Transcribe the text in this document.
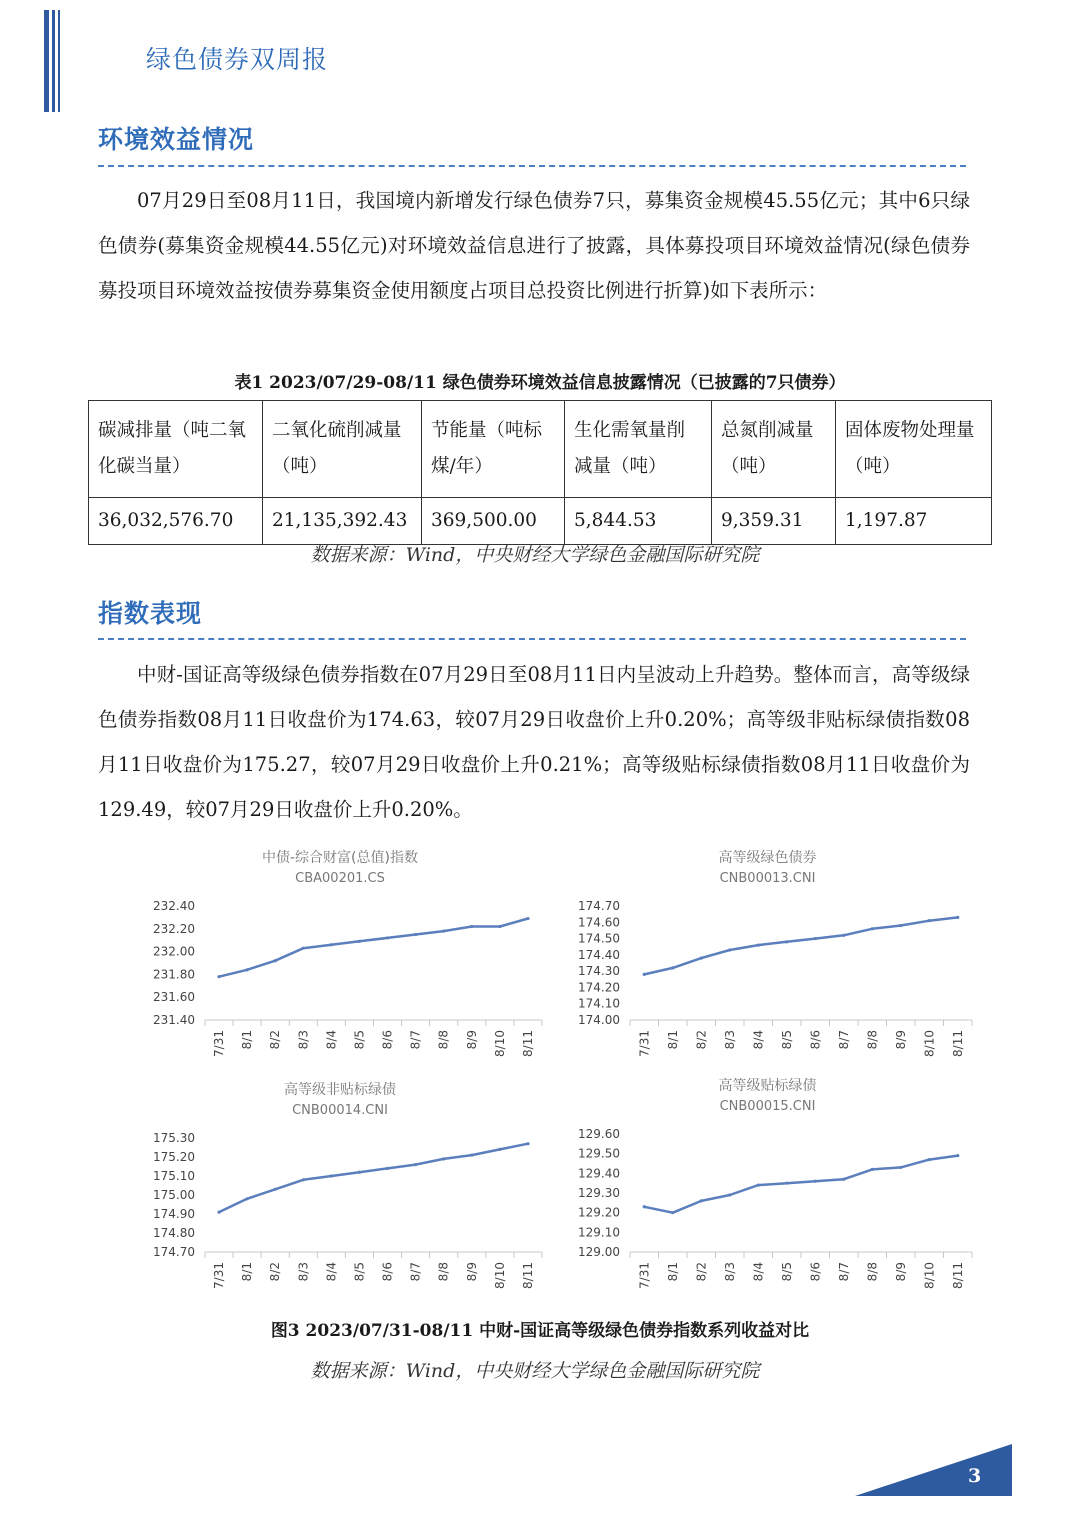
绿色债券双周报
环境效益情况

07月29日至08月11日，我国境内新增发行绿色债券7只，募集资金规模45.55亿元；其中6只绿色债券(募集资金规模44.55亿元)对环境效益信息进行了披露，具体募投项目环境效益情况(绿色债券募投项目环境效益按债券募集资金使用额度占项目总投资比例进行折算)如下表所示：

表1 2023/07/29-08/11 绿色债券环境效益信息披露情况（已披露的7只债券）
碳减排量（吨二氧化碳当量）	二氧化硫削减量（吨）	节能量（吨标煤/年）	生化需氧量削减量（吨）	总氮削减量（吨）	固体废物处理量（吨）
36,032,576.70	21,135,392.43	369,500.00	5,844.53	9,359.31	1,197.87
数据来源：Wind，中央财经大学绿色金融国际研究院
指数表现

中财-国证高等级绿色债券指数在07月29日至08月11日内呈波动上升趋势。整体而言，高等级绿色债券指数08月11日收盘价为174.63，较07月29日收盘价上升0.20%；高等级非贴标绿债指数08月11日收盘价为175.27，较07月29日收盘价上升0.21%；高等级贴标绿债指数08月11日收盘价为129.49，较07月29日收盘价上升0.20%。

中债-综合财富(总值)指数
CBA00201.CS
231.40
231.60
231.80
232.00
232.20
232.40
7/31 8/1 8/2 8/3 8/4 8/5 8/6 8/7 8/8 8/9 8/10 8/11
高等级绿色债券
CNB00013.CNI
174.00
174.10
174.20
174.30
174.40
174.50
174.60
174.70
7/31 8/1 8/2 8/3 8/4 8/5 8/6 8/7 8/8 8/9 8/10 8/11
高等级非贴标绿债
CNB00014.CNI
174.70
174.80
174.90
175.00
175.10
175.20
175.30
7/31 8/1 8/2 8/3 8/4 8/5 8/6 8/7 8/8 8/9 8/10 8/11
高等级贴标绿债
CNB00015.CNI
129.00
129.10
129.20
129.30
129.40
129.50
129.60
7/31 8/1 8/2 8/3 8/4 8/5 8/6 8/7 8/8 8/9 8/10 8/11
图3 2023/07/31-08/11 中财-国证高等级绿色债券指数系列收益对比
数据来源：Wind，中央财经大学绿色金融国际研究院
3
